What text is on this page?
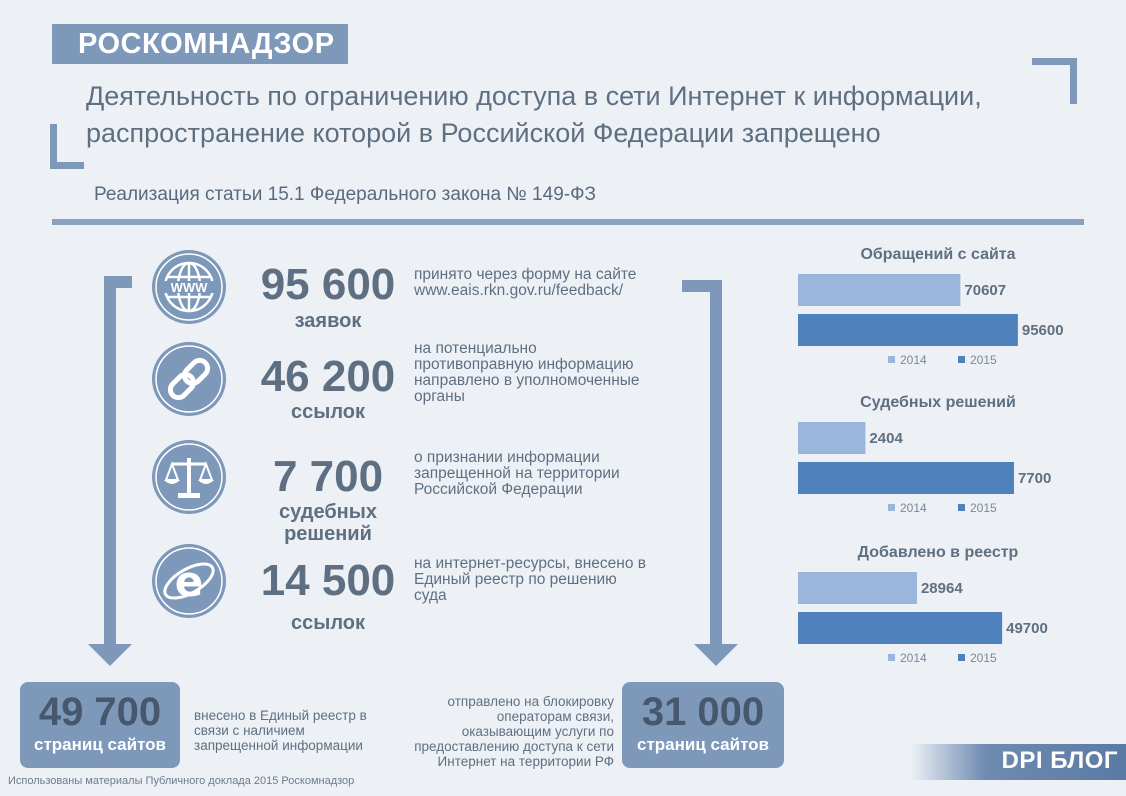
РОСКОМНАДЗОР
Деятельность по ограничению доступа в сети Интернет к информации,
распространение которой в Российской Федерации запрещено
Реализация статьи 15.1 Федерального закона № 149-ФЗ
WWW	95 600
заявок
принято через форму на сайте
www.eais.rkn.gov.ru/feedback/
46 200
ссылок
на потенциально
противоправную информацию
направлено в уполномоченные
органы
7 700
судебных
решений
о признании информации
запрещенной на территории
Российской Федерации
e	14 500
ссылок
на интернет-ресурсы, внесено в
Единый реестр по решению
суда
49 700
страниц сайтов
внесено в Единый реестр в
связи с наличием
запрещенной информации
отправлено на блокировку
операторам связи,
оказывающим услуги по
предоставлению доступа к сети
Интернет на территории РФ
31 000
страниц сайтов
Обращений с сайта
70607
95600
2014	2015
Судебных решений
2404
7700
2014	2015
Добавлено в реестр
28964
49700
2014	2015
Использованы материалы Публичного доклада 2015 Роскомнадзор
DPI БЛОГ
